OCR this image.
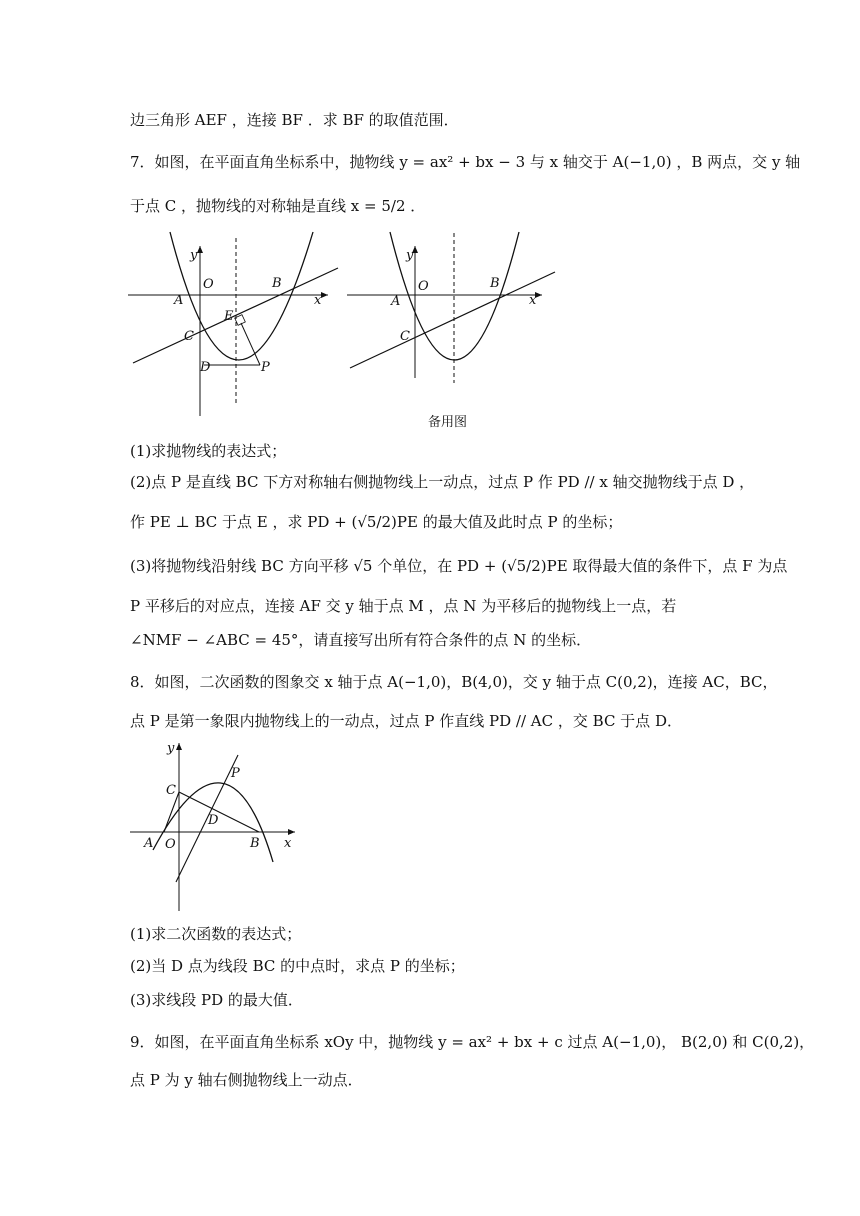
边三角形 AEF ，连接 BF ．求 BF 的取值范围．
7．如图，在平面直角坐标系中，抛物线 y = ax² + bx − 3 与 x 轴交于 A(−1,0) ，B 两点，交 y 轴
于点 C ，抛物线的对称轴是直线 x = 5/2 ．
y
x
O
A
B
C
E
D	P
y
x
O
A
B
C
备用图
(1)求抛物线的表达式；
(2)点 P 是直线 BC 下方对称轴右侧抛物线上一动点，过点 P 作 PD // x 轴交抛物线于点 D ，
作 PE ⊥ BC 于点 E ，求 PD + (√5/2)PE 的最大值及此时点 P 的坐标；
(3)将抛物线沿射线 BC 方向平移 √5 个单位，在 PD + (√5/2)PE 取得最大值的条件下，点 F 为点
P 平移后的对应点，连接 AF 交 y 轴于点 M ，点 N 为平移后的抛物线上一点，若
∠NMF − ∠ABC = 45°，请直接写出所有符合条件的点 N 的坐标．
8．如图，二次函数的图象交 x 轴于点 A(−1,0)，B(4,0)，交 y 轴于点 C(0,2)，连接 AC，BC，
点 P 是第一象限内抛物线上的一动点，过点 P 作直线 PD // AC ，交 BC 于点 D．
y
x
O
A	B
C
D
P
(1)求二次函数的表达式；
(2)当 D 点为线段 BC 的中点时，求点 P 的坐标；
(3)求线段 PD 的最大值．
9．如图，在平面直角坐标系 xOy 中，抛物线 y = ax² + bx + c 过点 A(−1,0)， B(2,0) 和 C(0,2)，
点 P 为 y 轴右侧抛物线上一动点．
